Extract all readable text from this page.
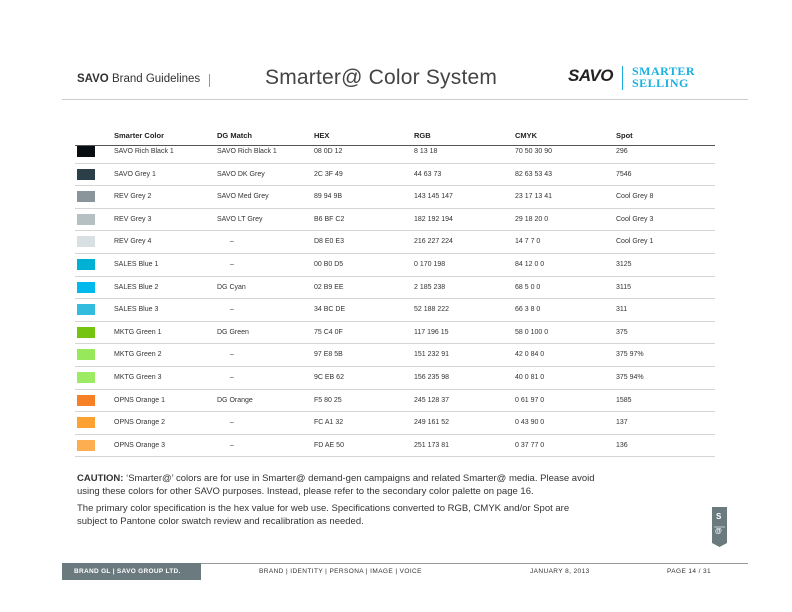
SAVO Brand Guidelines	Smarter@ Color System	SAVO SMARTER
SELLING
Smarter Color	DG Match	HEX	RGB	CMYK	Spot
SAVO Rich Black 1	SAVO Rich Black 1	08 0D 12	8 13 18	70 50 30 90	296
SAVO Grey 1	SAVO DK Grey	2C 3F 49	44 63 73	82 63 53 43	7546
REV Grey 2	SAVO Med Grey	89 94 9B	143 145 147	23 17 13 41	Cool Grey 8
REV Grey 3	SAVO LT Grey	B6 BF C2	182 192 194	29 18 20 0	Cool Grey 3
REV Grey 4	–	D8 E0 E3	216 227 224	14 7 7 0	Cool Grey 1
SALES Blue 1	–	00 B0 D5	0 170 198	84 12 0 0	3125
SALES Blue 2	DG Cyan	02 B9 EE	2 185 238	68 5 0 0	3115
SALES Blue 3	–	34 BC DE	52 188 222	66 3 8 0	311
MKTG Green 1	DG Green	75 C4 0F	117 196 15	58 0 100 0	375
MKTG Green 2	–	97 E8 5B	151 232 91	42 0 84 0	375 97%
MKTG Green 3	–	9C EB 62	156 235 98	40 0 81 0	375 94%
OPNS Orange 1	DG Orange	F5 80 25	245 128 37	0 61 97 0	1585
OPNS Orange 2	–	FC A1 32	249 161 52	0 43 90 0	137
OPNS Orange 3	–	FD AE 50	251 173 81	0 37 77 0	136
CAUTION: ‘Smarter@’ colors are for use in Smarter@ demand-gen campaigns and related Smarter@ media. Please avoid using these colors for other SAVO purposes. Instead, please refer to the secondary color palette on page 16.
The primary color specification is the hex value for web use. Specifications converted to RGB, CMYK and/or Spot are subject to Pantone color swatch review and recalibration as needed.	S
@
BRAND GL | SAVO GROUP LTD.	BRAND | IDENTITY | PERSONA | IMAGE | VOICE	JANUARY 8, 2013	PAGE 14 / 31
